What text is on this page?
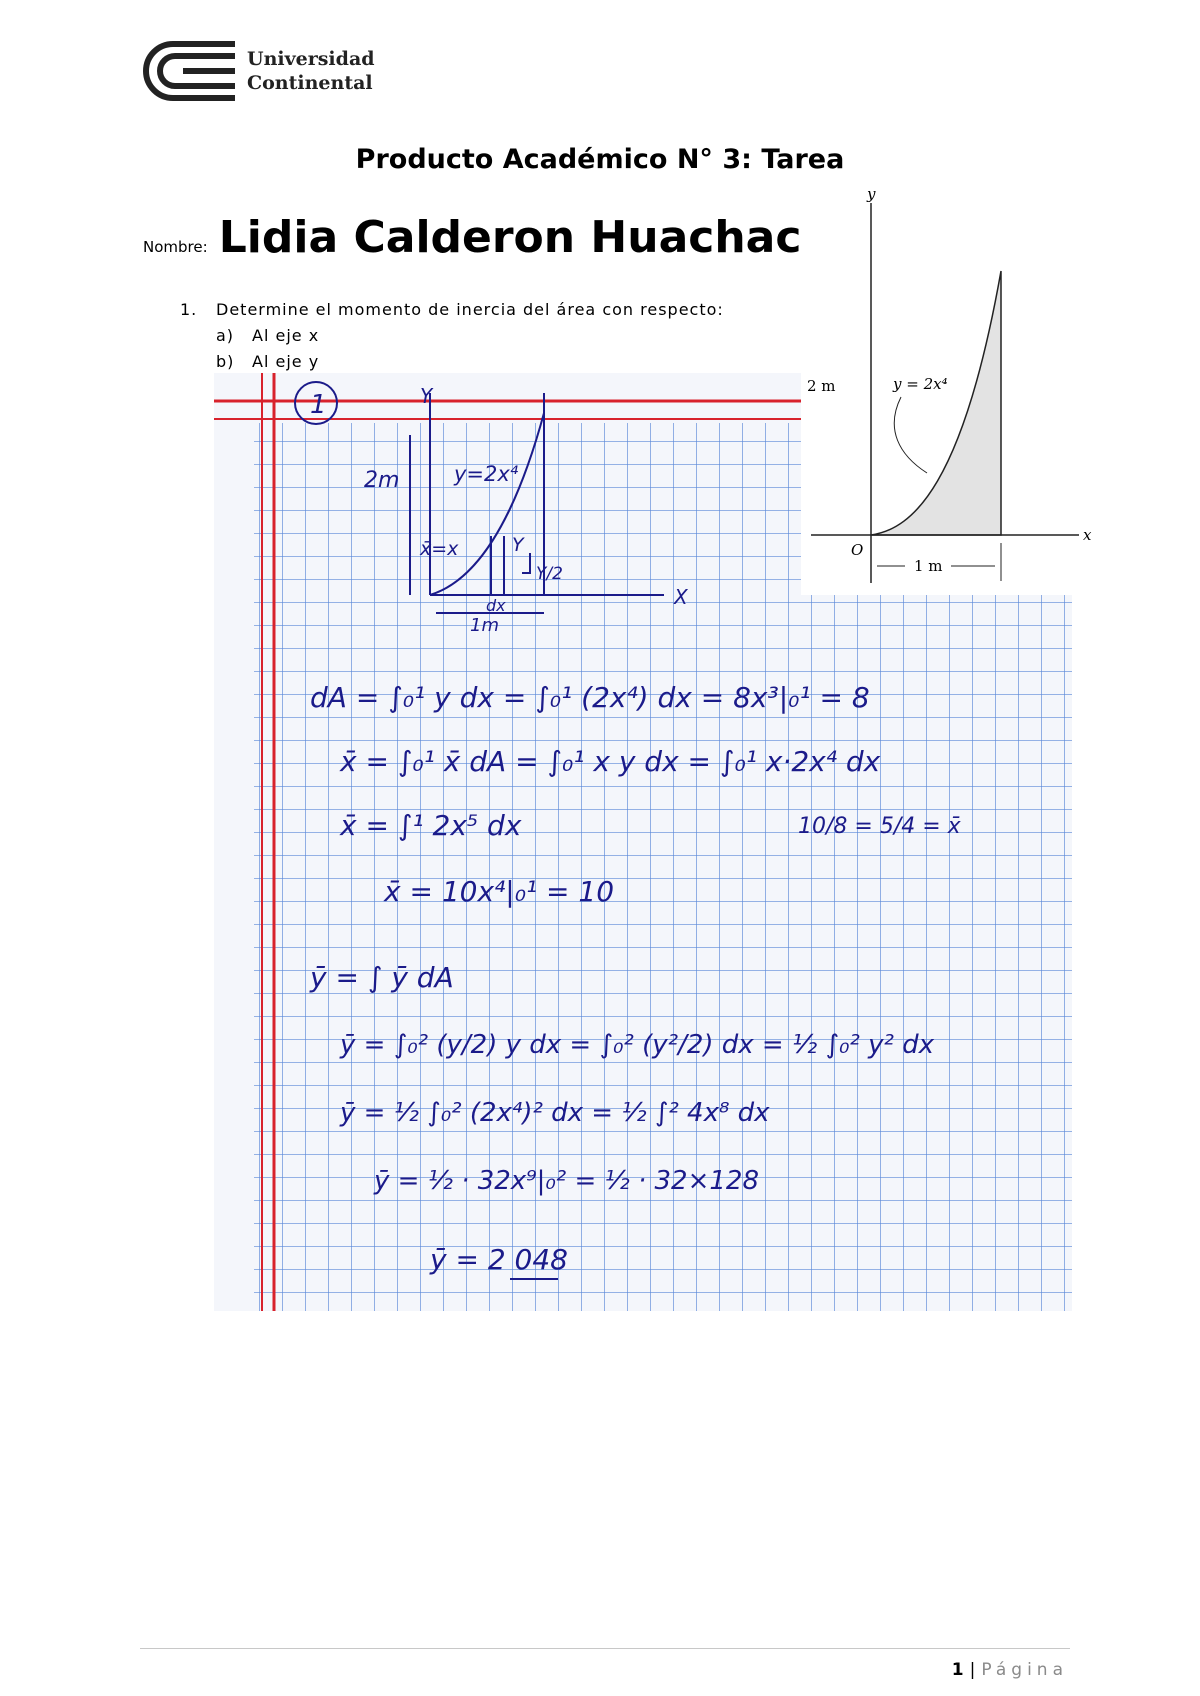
Universidad
Continental
Producto Académico N° 3: Tarea
Nombre: Lidia Calderon Huachac
1. Determine el momento de inercia del área con respecto:
a) Al eje x
b) Al eje y
1	Y
X
2m	y=2x⁴
x̄=x	Y
Y/2
dx
1m
dA = ∫₀¹ y dx = ∫₀¹ (2x⁴) dx = 8x³|₀¹ = 8
x̄ = ∫₀¹ x̄ dA = ∫₀¹ x y dx = ∫₀¹ x·2x⁴ dx
x̄ = ∫¹ 2x⁵ dx	10/8 = 5/4 = x̄
x̄ = 10x⁴|₀¹ = 10
ȳ = ∫ ȳ dA
ȳ = ∫₀² (y/2) y dx = ∫₀² (y²/2) dx = ½ ∫₀² y² dx
ȳ = ½ ∫₀² (2x⁴)² dx = ½ ∫² 4x⁸ dx
ȳ = ½ · 32x⁹|₀² = ½ · 32×128
ȳ = 2 048
y
x
O
2 m	y = 2x⁴
1 m
1 | Página
